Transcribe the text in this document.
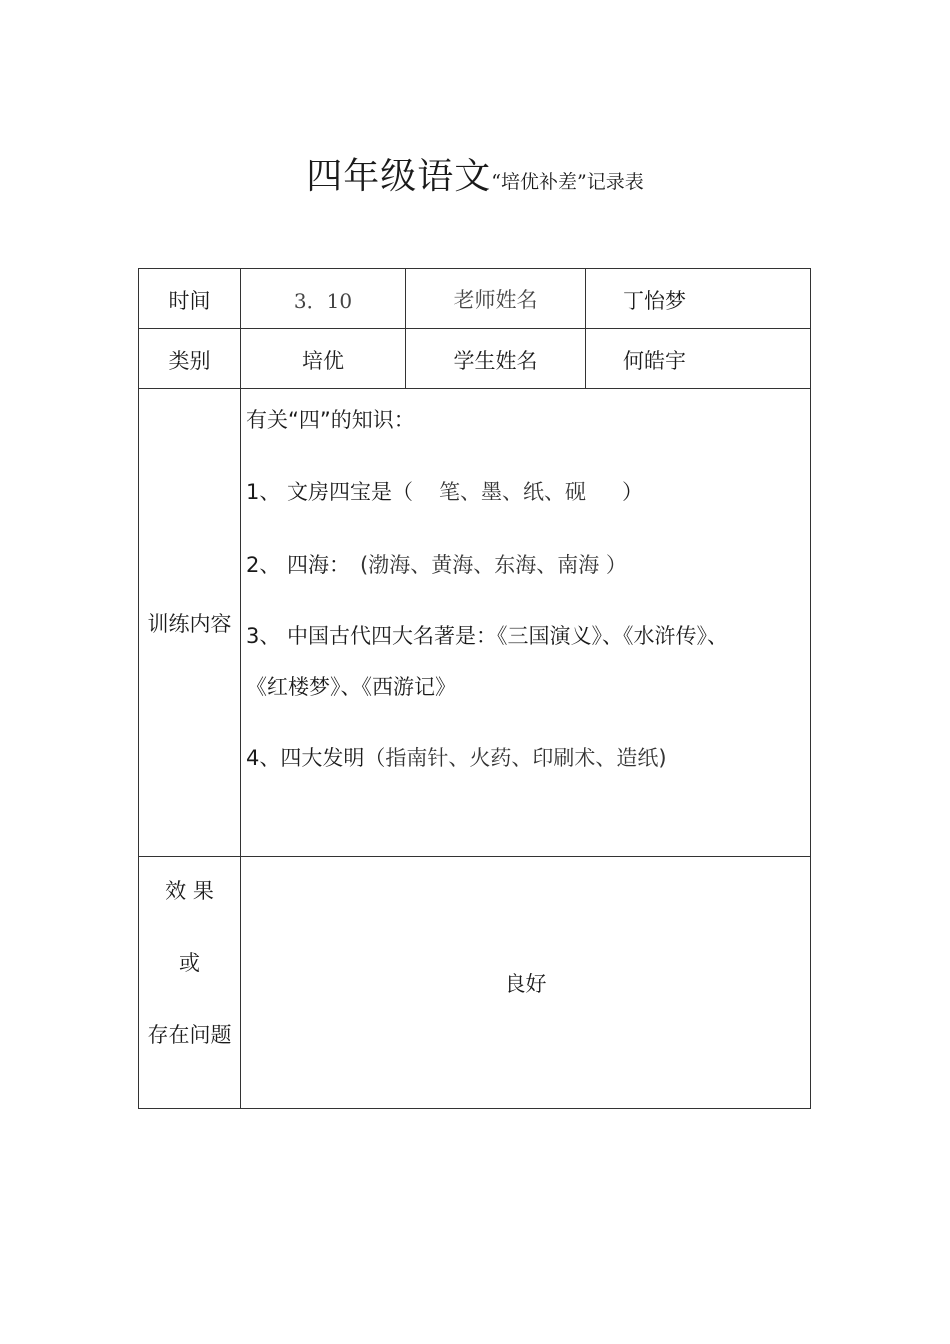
四年级语文“培优补差”记录表
时间	3．10	老师姓名	丁怡梦
类别	培优	学生姓名	何皓宇
训练内容
有关“四”的知识：
1、 文房四宝是（ 笔、墨、纸、砚 ）
2、 四海： (渤海、黄海、东海、南海 ）
3、 中国古代四大名著是：《三国演义》、《水浒传》、
《红楼梦》、《西游记》
4、四大发明（指南针、火药、印刷术、造纸)
效 果
或
存在问题
良好
